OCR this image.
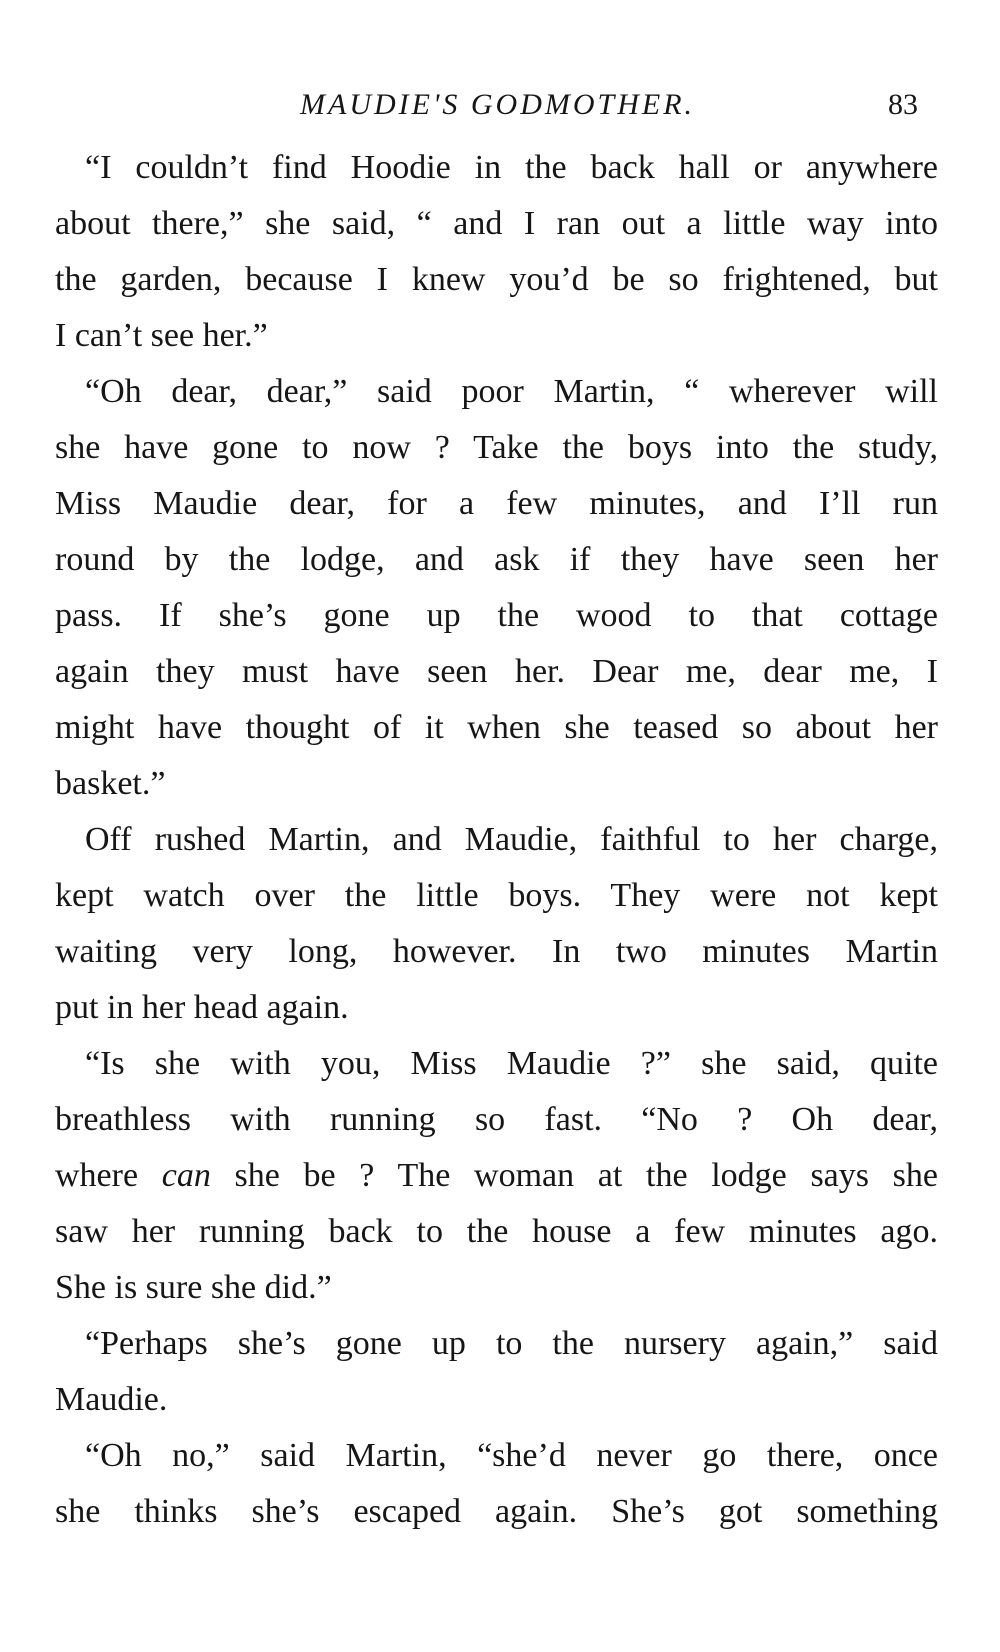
MAUDIE'S GODMOTHER.	83
“I couldn’t find Hoodie in the back hall or anywhere
about there,” she said, “ and I ran out a little way into
the garden, because I knew you’d be so frightened, but
I can’t see her.”
“Oh dear, dear,” said poor Martin, “ wherever will
she have gone to now ? Take the boys into the study,
Miss Maudie dear, for a few minutes, and I’ll run
round by the lodge, and ask if they have seen her
pass. If she’s gone up the wood to that cottage
again they must have seen her. Dear me, dear me, I
might have thought of it when she teased so about her
basket.”
Off rushed Martin, and Maudie, faithful to her charge,
kept watch over the little boys. They were not kept
waiting very long, however. In two minutes Martin
put in her head again.
“Is she with you, Miss Maudie ?” she said, quite
breathless with running so fast. “No ? Oh dear,
where can she be ? The woman at the lodge says she
saw her running back to the house a few minutes ago.
She is sure she did.”
“Perhaps she’s gone up to the nursery again,” said
Maudie.
“Oh no,” said Martin, “she’d never go there, once
she thinks she’s escaped again. She’s got something
